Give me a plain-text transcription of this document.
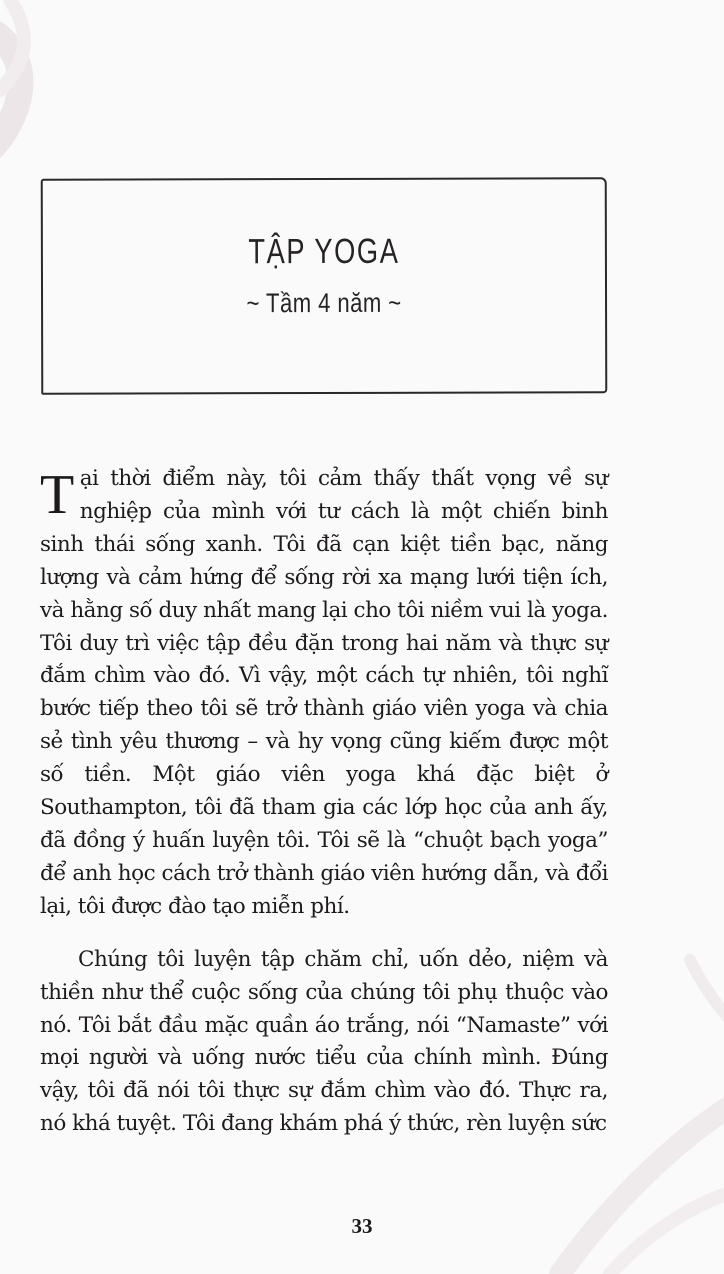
TẬP YOGA
~ Tầm 4 năm ~

Tại thời điểm này, tôi cảm thấy thất vọng về sự nghiệp của mình với tư cách là một chiến binh sinh thái sống xanh. Tôi đã cạn kiệt tiền bạc, năng lượng và cảm hứng để sống rời xa mạng lưới tiện ích, và hằng số duy nhất mang lại cho tôi niềm vui là yoga. Tôi duy trì việc tập đều đặn trong hai năm và thực sự đắm chìm vào đó. Vì vậy, một cách tự nhiên, tôi nghĩ bước tiếp theo tôi sẽ trở thành giáo viên yoga và chia sẻ tình yêu thương – và hy vọng cũng kiếm được một số tiền. Một giáo viên yoga khá đặc biệt ở Southampton, tôi đã tham gia các lớp học của anh ấy, đã đồng ý huấn luyện tôi. Tôi sẽ là “chuột bạch yoga” để anh học cách trở thành giáo viên hướng dẫn, và đổi lại, tôi được đào tạo miễn phí.

Chúng tôi luyện tập chăm chỉ, uốn dẻo, niệm và thiền như thể cuộc sống của chúng tôi phụ thuộc vào nó. Tôi bắt đầu mặc quần áo trắng, nói “Namaste” với mọi người và uống nước tiểu của chính mình. Đúng vậy, tôi đã nói tôi thực sự đắm chìm vào đó. Thực ra, nó khá tuyệt. Tôi đang khám phá ý thức, rèn luyện sức

33
